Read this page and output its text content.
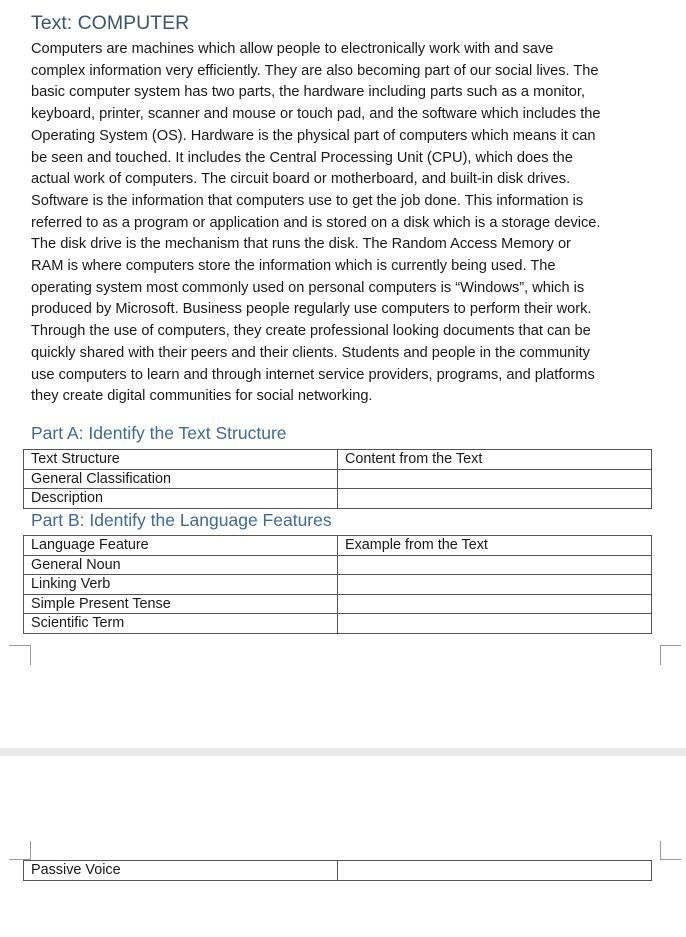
Text: COMPUTER

Computers are machines which allow people to electronically work with and save
complex information very efficiently. They are also becoming part of our social lives. The
basic computer system has two parts, the hardware including parts such as a monitor,
keyboard, printer, scanner and mouse or touch pad, and the software which includes the
Operating System (OS). Hardware is the physical part of computers which means it can
be seen and touched. It includes the Central Processing Unit (CPU), which does the
actual work of computers. The circuit board or motherboard, and built-in disk drives.
Software is the information that computers use to get the job done. This information is
referred to as a program or application and is stored on a disk which is a storage device.
The disk drive is the mechanism that runs the disk. The Random Access Memory or
RAM is where computers store the information which is currently being used. The
operating system most commonly used on personal computers is “Windows”, which is
produced by Microsoft. Business people regularly use computers to perform their work.
Through the use of computers, they create professional looking documents that can be
quickly shared with their peers and their clients. Students and people in the community
use computers to learn and through internet service providers, programs, and platforms
they create digital communities for social networking.

Part A: Identify the Text Structure
Text Structure	Content from the Text
General Classification	
Description	
Part B: Identify the Language Features
Language Feature	Example from the Text
General Noun	
Linking Verb	
Simple Present Tense	
Scientific Term	
Passive Voice	
